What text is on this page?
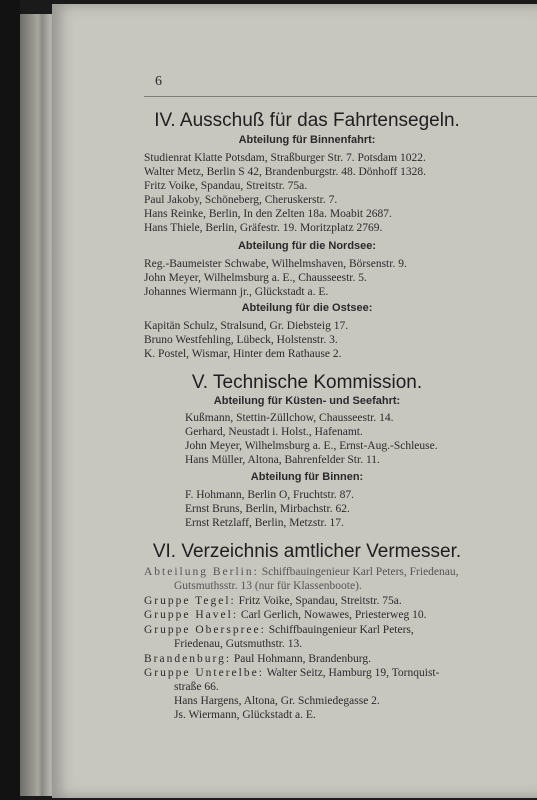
6
IV. Ausschuß für das Fahrtensegeln.
Abteilung für Binnenfahrt:
Studienrat Klatte Potsdam, Straßburger Str. 7. Potsdam 1022.
Walter Metz, Berlin S 42, Brandenburgstr. 48. Dönhoff 1328.
Fritz Voike, Spandau, Streitstr. 75a.
Paul Jakoby, Schöneberg, Cheruskerstr. 7.
Hans Reinke, Berlin, In den Zelten 18a. Moabit 2687.
Hans Thiele, Berlin, Gräfestr. 19. Moritzplatz 2769.
Abteilung für die Nordsee:
Reg.-Baumeister Schwabe, Wilhelmshaven, Börsenstr. 9.
John Meyer, Wilhelmsburg a. E., Chausseestr. 5.
Johannes Wiermann jr., Glückstadt a. E.
Abteilung für die Ostsee:
Kapitän Schulz, Stralsund, Gr. Diebsteig 17.
Bruno Westfehling, Lübeck, Holstenstr. 3.
K. Postel, Wismar, Hinter dem Rathause 2.
V. Technische Kommission.
Abteilung für Küsten- und Seefahrt:
Kußmann, Stettin-Züllchow, Chausseestr. 14.
Gerhard, Neustadt i. Holst., Hafenamt.
John Meyer, Wilhelmsburg a. E., Ernst-Aug.-Schleuse.
Hans Müller, Altona, Bahrenfelder Str. 11.
Abteilung für Binnen:
F. Hohmann, Berlin O, Fruchtstr. 87.
Ernst Bruns, Berlin, Mirbachstr. 62.
Ernst Retzlaff, Berlin, Metzstr. 17.
VI. Verzeichnis amtlicher Vermesser.
Abteilung Berlin: Schiffbauingenieur Karl Peters, Friedenau,
Gutsmuthsstr. 13 (nur für Klassenboote).
Gruppe Tegel: Fritz Voike, Spandau, Streitstr. 75a.
Gruppe Havel: Carl Gerlich, Nowawes, Priesterweg 10.
Gruppe Oberspree: Schiffbauingenieur Karl Peters,
Friedenau, Gutsmuthstr. 13.
Brandenburg: Paul Hohmann, Brandenburg.
Gruppe Unterelbe: Walter Seitz, Hamburg 19, Tornquist-
straße 66.
Hans Hargens, Altona, Gr. Schmiedegasse 2.
Js. Wiermann, Glückstadt a. E.
